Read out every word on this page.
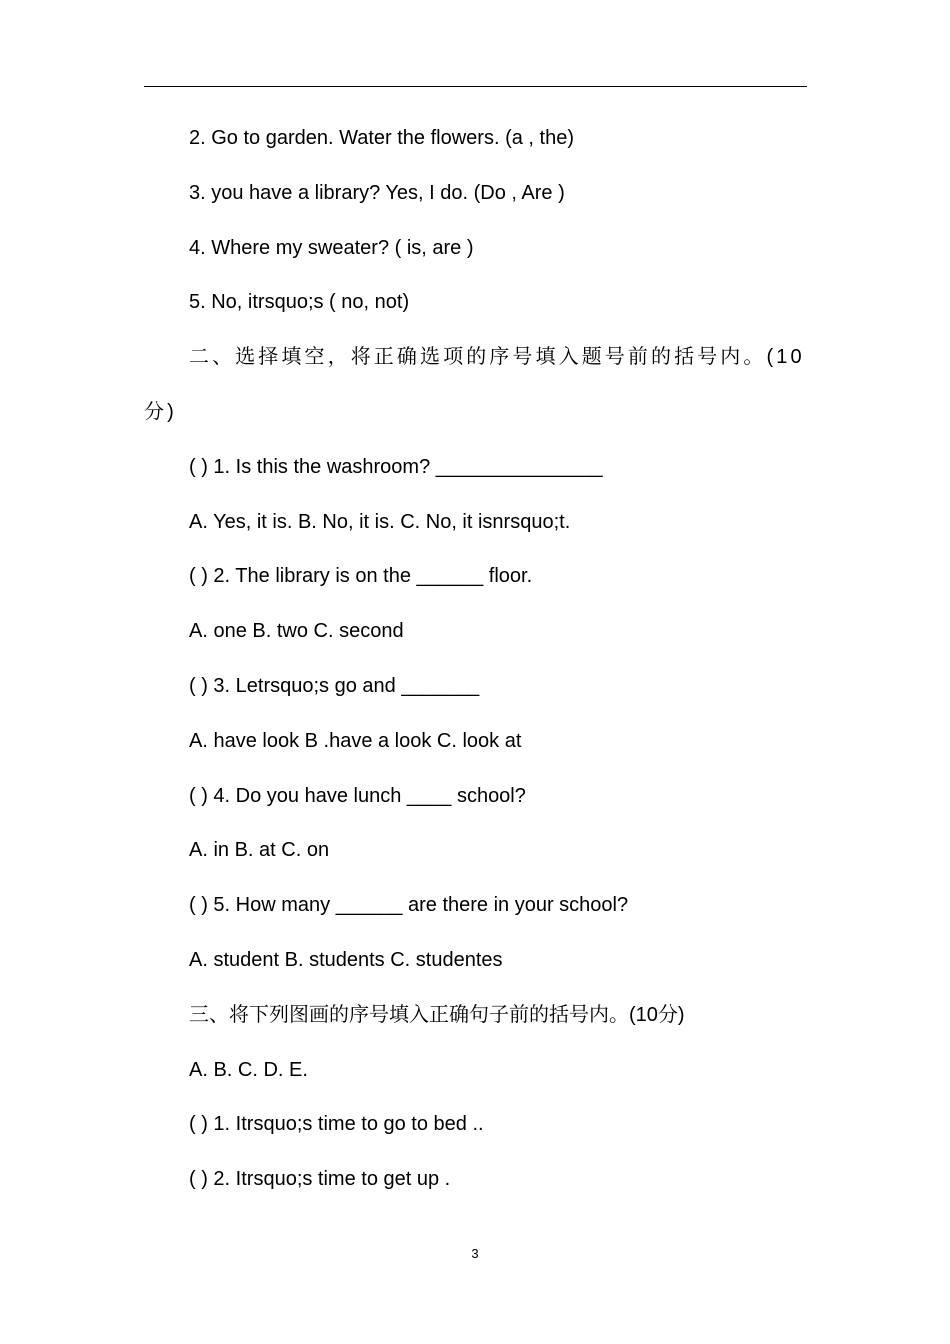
2. Go to garden. Water the flowers. (a , the)
3. you have a library? Yes, I do. (Do , Are )
4. Where my sweater? ( is, are )
5. No, itrsquo;s ( no, not)
二、选择填空，将正确选项的序号填入题号前的括号内。(10分)
( ) 1. Is this the washroom? _______________
A. Yes, it is. B. No, it is. C. No, it isnrsquo;t.
( ) 2. The library is on the ______ floor.
A. one B. two C. second
( ) 3. Letrsquo;s go and _______
A. have look B .have a look C. look at
( ) 4. Do you have lunch ____ school?
A. in B. at C. on
( ) 5. How many ______ are there in your school?
A. student B. students C. studentes
三、将下列图画的序号填入正确句子前的括号内。(10分)
A. B. C. D. E.
( ) 1. Itrsquo;s time to go to bed ..
( ) 2. Itrsquo;s time to get up .
3
